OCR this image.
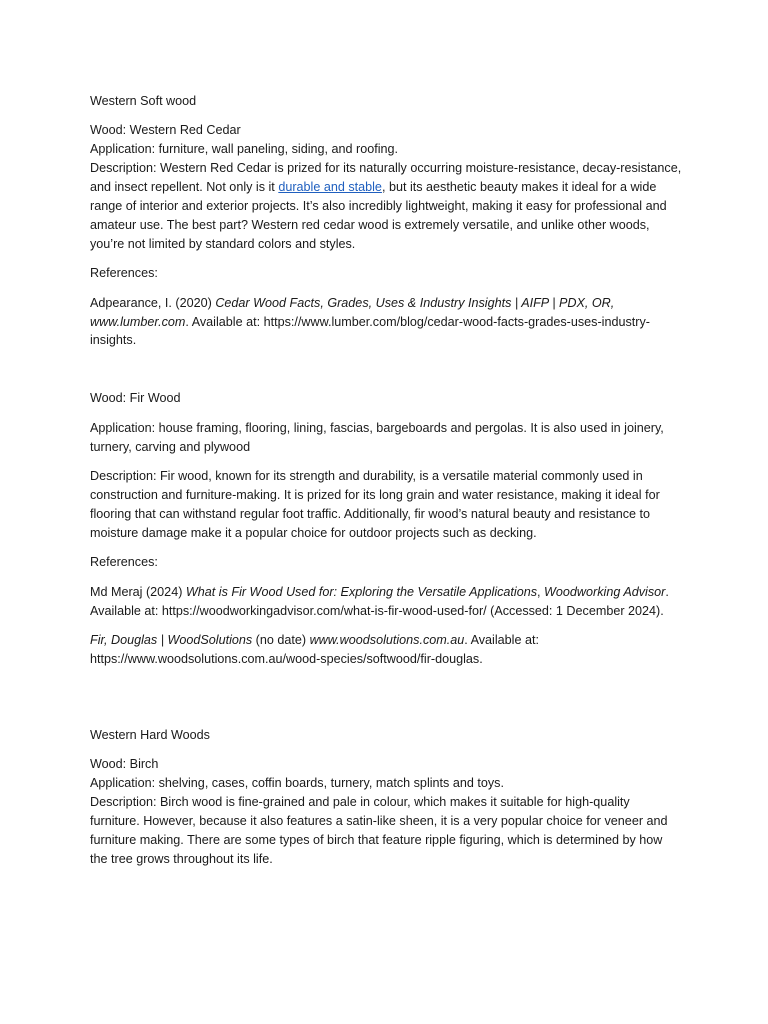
Western Soft wood

Wood: Western Red Cedar

Application: furniture, wall paneling, siding, and roofing.

Description: Western Red Cedar is prized for its naturally occurring moisture-resistance, decay-resistance, and insect repellent. Not only is it durable and stable, but its aesthetic beauty makes it ideal for a wide range of interior and exterior projects. It’s also incredibly lightweight, making it easy for professional and amateur use. The best part? Western red cedar wood is extremely versatile, and unlike other woods, you’re not limited by standard colors and styles.

References:

Adpearance, I. (2020) Cedar Wood Facts, Grades, Uses & Industry Insights | AIFP | PDX, OR, www.lumber.com. Available at: https://www.lumber.com/blog/cedar-wood-facts-grades-uses-industry-insights.

Wood: Fir Wood

Application: house framing, flooring, lining, fascias, bargeboards and pergolas. It is also used in joinery, turnery, carving and plywood

Description: Fir wood, known for its strength and durability, is a versatile material commonly used in construction and furniture-making. It is prized for its long grain and water resistance, making it ideal for flooring that can withstand regular foot traffic. Additionally, fir wood’s natural beauty and resistance to moisture damage make it a popular choice for outdoor projects such as decking.

References:

Md Meraj (2024) What is Fir Wood Used for: Exploring the Versatile Applications, Woodworking Advisor. Available at: https://woodworkingadvisor.com/what-is-fir-wood-used-for/ (Accessed: 1 December 2024).

Fir, Douglas | WoodSolutions (no date) www.woodsolutions.com.au. Available at: https://www.woodsolutions.com.au/wood-species/softwood/fir-douglas.

Western Hard Woods

Wood: Birch

Application: shelving, cases, coffin boards, turnery, match splints and toys.

Description: Birch wood is fine-grained and pale in colour, which makes it suitable for high-quality furniture. However, because it also features a satin-like sheen, it is a very popular choice for veneer and furniture making. There are some types of birch that feature ripple figuring, which is determined by how the tree grows throughout its life.
